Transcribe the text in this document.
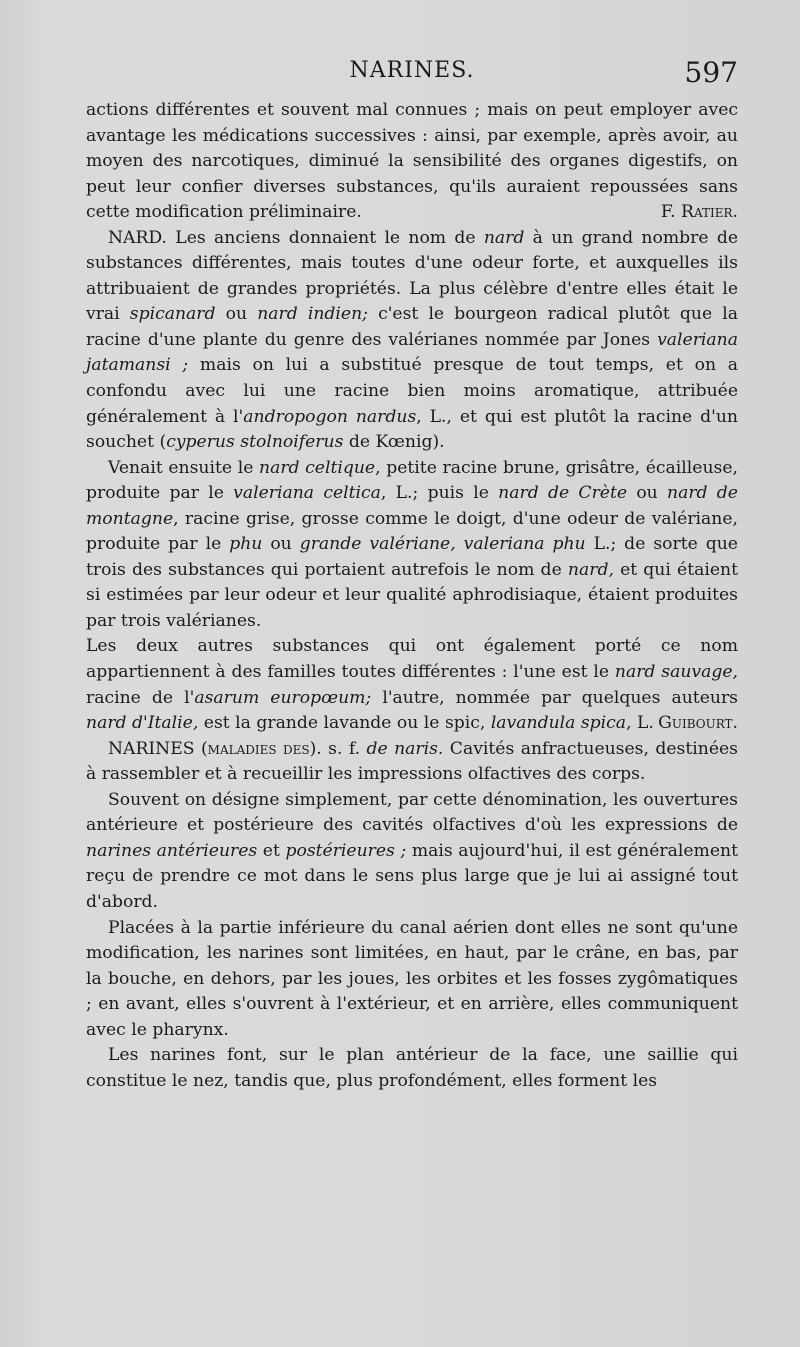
NARINES.	597

actions différentes et souvent mal connues ; mais on peut employer avec avantage les médications successives : ainsi, par exemple, après avoir, au moyen des narcotiques, diminué la sensibilité des organes digestifs, on peut leur confier diverses substances, qu'ils auraient repoussées sans cette modification préliminaire.	F. Ratier.

NARD. Les anciens donnaient le nom de nard à un grand nombre de substances différentes, mais toutes d'une odeur forte, et auxquelles ils attribuaient de grandes propriétés. La plus célèbre d'entre elles était le vrai spicanard ou nard indien; c'est le bourgeon radical plutôt que la racine d'une plante du genre des valérianes nommée par Jones valeriana jatamansi ; mais on lui a substitué presque de tout temps, et on a confondu avec lui une racine bien moins aromatique, attribuée généralement à l'andropogon nardus, L., et qui est plutôt la racine d'un souchet (cyperus stolnoiferus de Kœnig).

Venait ensuite le nard celtique, petite racine brune, grisâtre, écailleuse, produite par le valeriana celtica, L.; puis le nard de Crète ou nard de montagne, racine grise, grosse comme le doigt, d'une odeur de valériane, produite par le phu ou grande valériane, valeriana phu L.; de sorte que trois des substances qui portaient autrefois le nom de nard, et qui étaient si estimées par leur odeur et leur qualité aphrodisiaque, étaient produites par trois valérianes.

Les deux autres substances qui ont également porté ce nom appartiennent à des familles toutes différentes : l'une est le nard sauvage, racine de l'asarum europœum; l'autre, nommée par quelques auteurs nard d'Italie, est la grande lavande ou le spic, lavandula spica, L. Guibourt.

NARINES (maladies des). s. f. de naris. Cavités anfractueuses, destinées à rassembler et à recueillir les impressions olfactives des corps.

Souvent on désigne simplement, par cette dénomination, les ouvertures antérieure et postérieure des cavités olfactives d'où les expressions de narines antérieures et postérieures ; mais aujourd'hui, il est généralement reçu de prendre ce mot dans le sens plus large que je lui ai assigné tout d'abord.

Placées à la partie inférieure du canal aérien dont elles ne sont qu'une modification, les narines sont limitées, en haut, par le crâne, en bas, par la bouche, en dehors, par les joues, les orbites et les fosses zygômatiques ; en avant, elles s'ouvrent à l'extérieur, et en arrière, elles communiquent avec le pharynx.

Les narines font, sur le plan antérieur de la face, une saillie qui constitue le nez, tandis que, plus profondément, elles forment les
